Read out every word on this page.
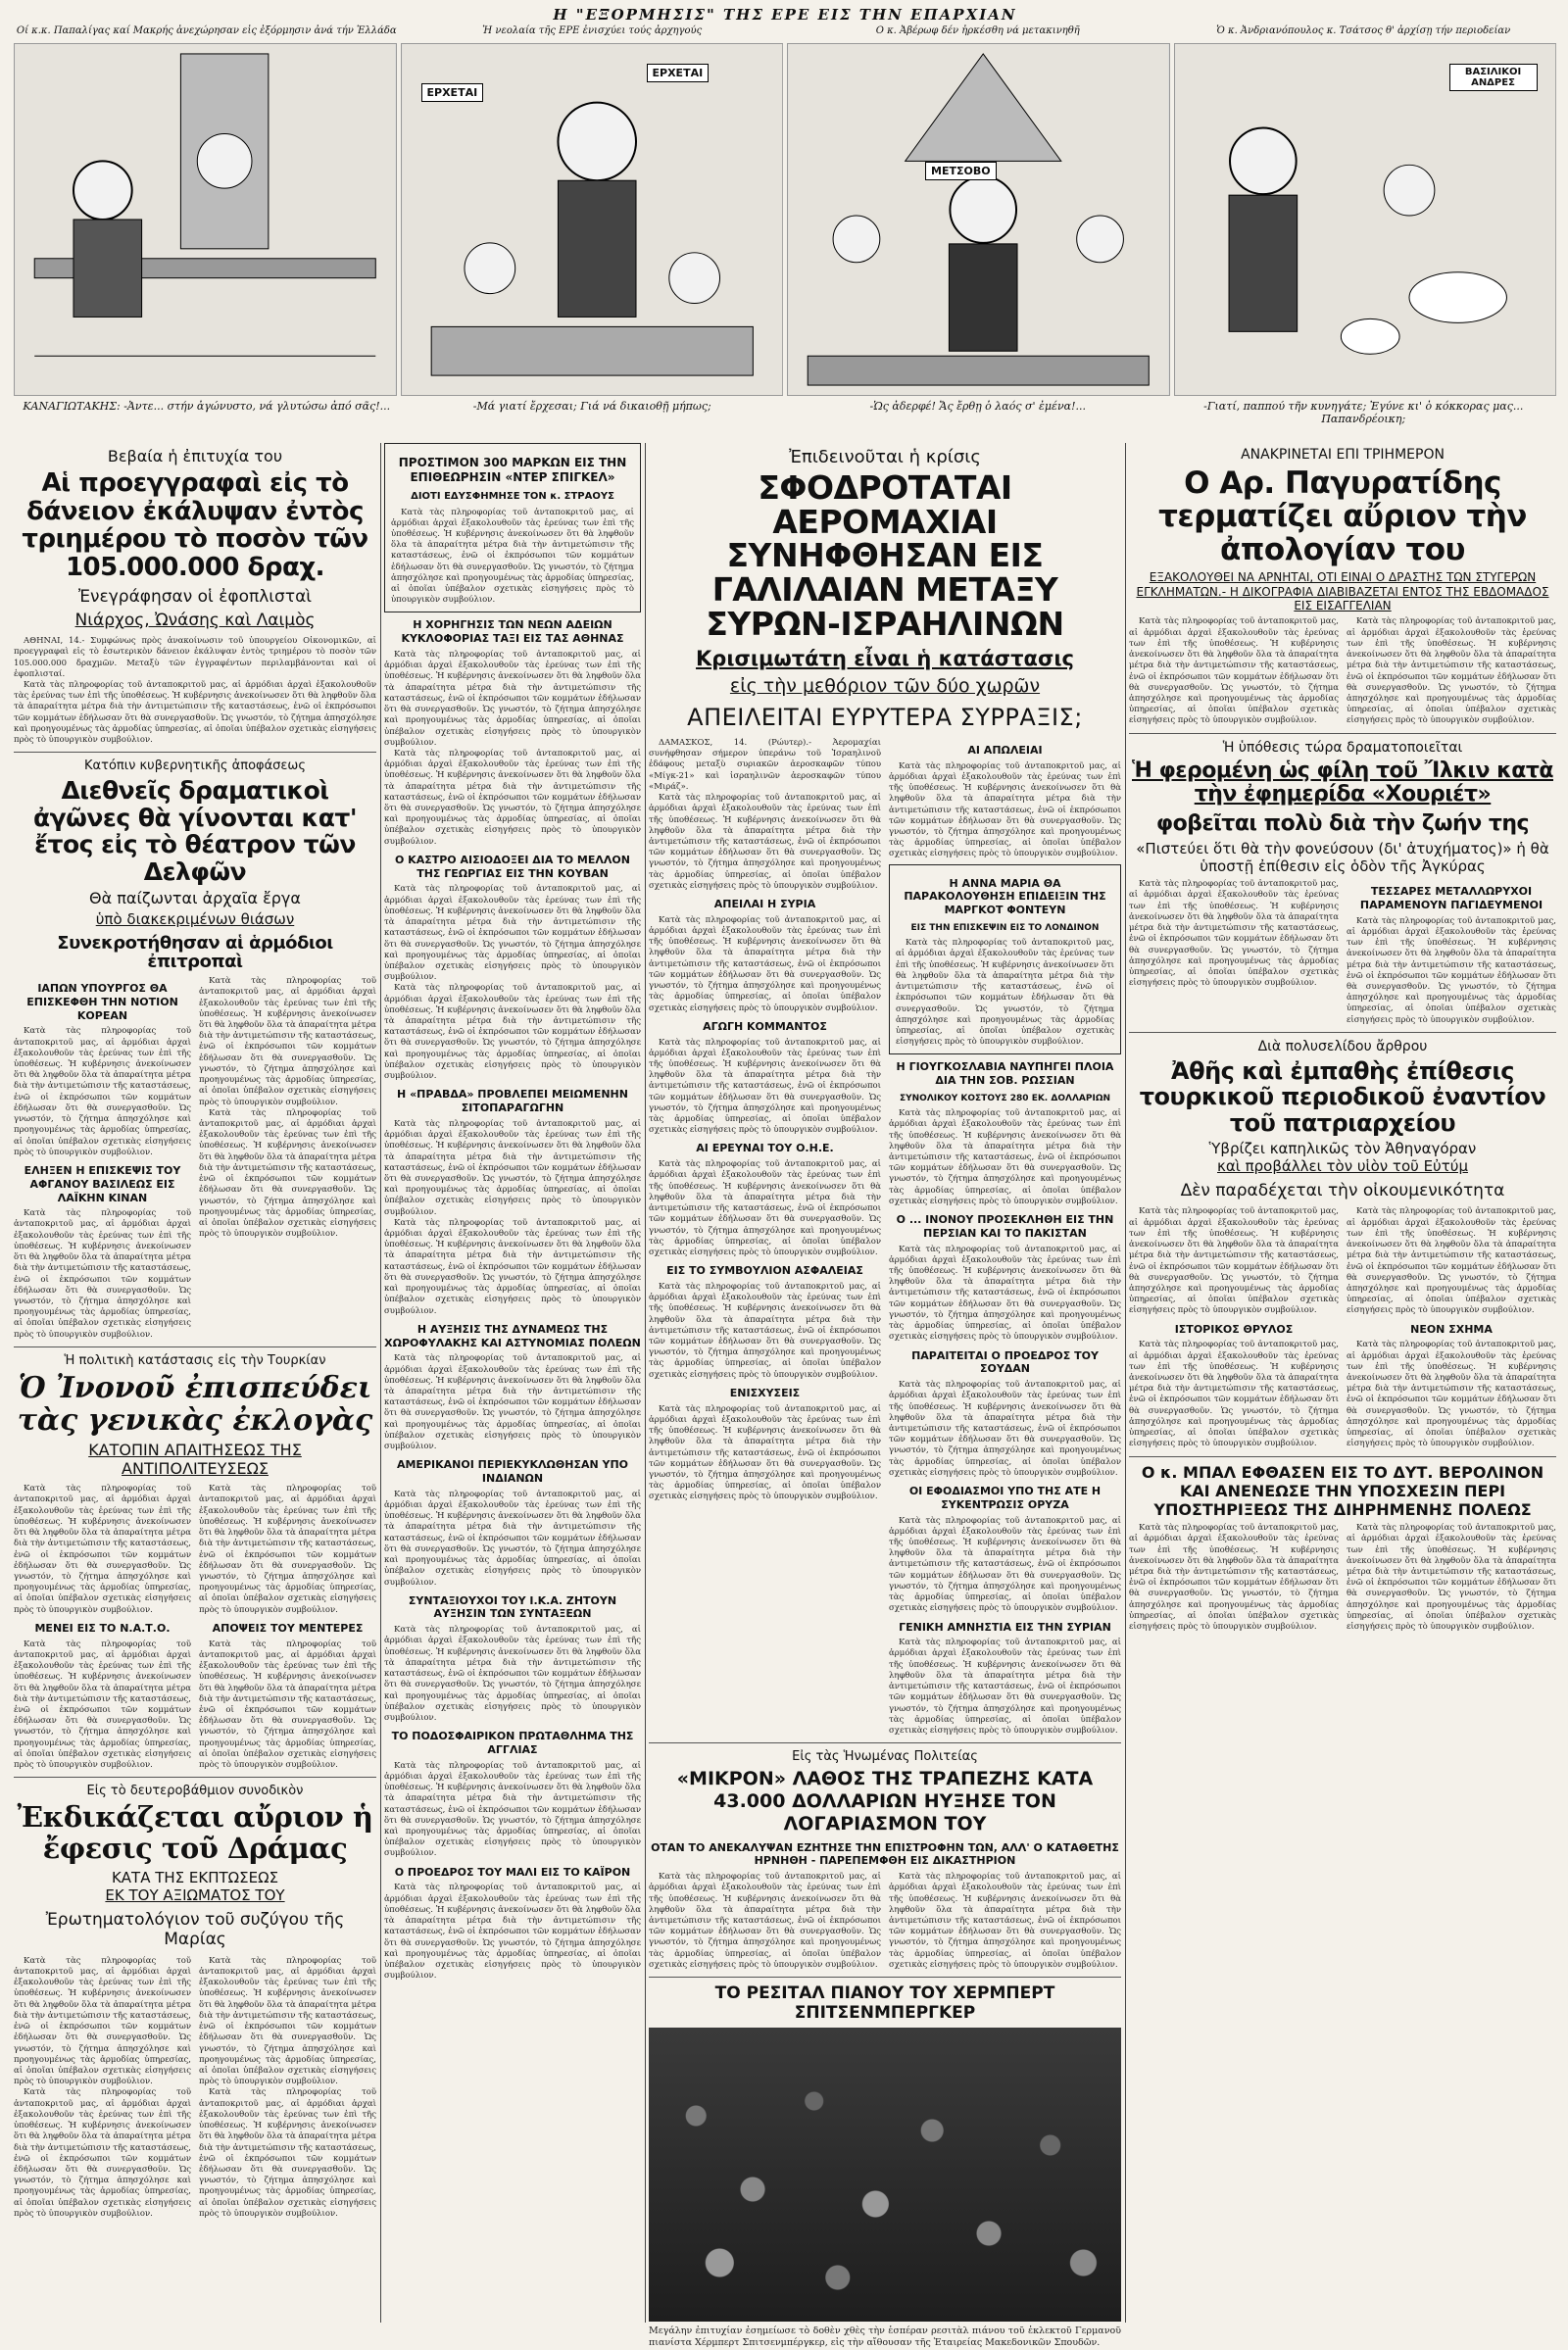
Η "ΕΞΟΡΜΗΣΙΣ" ΤΗΣ ΕΡΕ ΕΙΣ ΤΗΝ ΕΠΑΡΧΙΑΝ
Οί κ.κ. Παπαλίγας καί Μακρής ἀνεχώρησαν εἰς ἐξόρμησιν ἀνά τήν Ἑλλάδα	Ἡ νεολαία τῆς ΕΡΕ ἐνισχύει τούς ἀρχηγούς	Ο κ. Ἀβέρωφ δέν ἠρκέσθη νά μετακινηθῆ	Ὁ κ. Ἀνδριανόπουλος κ. Τσάτσος θ' ἀρχίσῃ τήν περιοδείαν
ΕΡΧΕΤΑΙ
ΕΡΧΕΤΑΙ
ΜΕΤΣΟΒΟ
ΒΑΣΙΛΙΚΟΙ ΑΝΔΡΕΣ
ΚΑΝΑΓΙΩΤΑΚΗΣ: -Ἀντε... στήν ἀγώνυστο, νά γλυτώσω ἀπό σᾶς!...	-Μά γιατί ἔρχεσαι; Γιά νά δικαιοθῇ μήπως;	-Ὡς ἀδερφέ! Ἄς ἔρθῃ ὁ λαός σ' ἐμένα!...	-Γιατί, παππού τῆν κυνηγάτε; Ἐγύνε κι' ὁ κόκκορας μας... Παπανδρέοικη;
Βεβαία ἡ ἐπιτυχία του
Αἱ προεγγραφαὶ εἰς τὸ δάνειον ἐκάλυψαν ἐντὸς τριημέρου τὸ ποσὸν τῶν 105.000.000 δραχ.
Ἐνεγράφησαν οἱ ἐφοπλισταὶ
Νιάρχος, Ὠνάσης καὶ Λαιμὸς

ΑΘΗΝΑΙ, 14.- Συμφώνως πρὸς ἀνακοίνωσιν τοῦ ὑπουργείου Οἰκονομικῶν, αἱ προεγγραφαὶ εἰς τὸ ἐσωτερικὸν δάνειον ἐκάλυψαν ἐντὸς τριημέρου τὸ ποσὸν τῶν 105.000.000 δραχμῶν. Μεταξὺ τῶν ἐγγραφέντων περιλαμβάνονται καὶ οἱ ἐφοπλισταί.

Κατὰ τὰς πληροφορίας τοῦ ἀνταποκριτοῦ μας, αἱ ἁρμόδιαι ἀρχαὶ ἐξακολουθοῦν τὰς ἐρεύνας των ἐπὶ τῆς ὑποθέσεως. Ἡ κυβέρνησις ἀνεκοίνωσεν ὅτι θὰ ληφθοῦν ὅλα τὰ ἀπαραίτητα μέτρα διὰ τὴν ἀντιμετώπισιν τῆς καταστάσεως, ἐνῶ οἱ ἐκπρόσωποι τῶν κομμάτων ἐδήλωσαν ὅτι θὰ συνεργασθοῦν. Ὡς γνωστόν, τὸ ζήτημα ἀπησχόλησε καὶ προηγουμένως τὰς ἀρμοδίας ὑπηρεσίας, αἱ ὁποῖαι ὑπέβαλον σχετικὰς εἰσηγήσεις πρὸς τὸ ὑπουργικὸν συμβούλιον.

Κατόπιν κυβερνητικῆς ἀποφάσεως
Διεθνεῖς δραματικοὶ ἀγῶνες θὰ γίνονται κατ' ἔτος εἰς τὸ θέατρον τῶν Δελφῶν
Θὰ παίζωνται ἀρχαῖα ἔργα
ὑπὸ διακεκριμένων θιάσων
Συνεκροτήθησαν αἱ ἁρμόδιοι ἐπιτροπαὶ
ΙΑΠΩΝ ΥΠΟΥΡΓΟΣ ΘΑ ΕΠΙΣΚΕΦΘΗ ΤΗΝ ΝΟΤΙΟΝ ΚΟΡΕΑΝ

Κατὰ τὰς πληροφορίας τοῦ ἀνταποκριτοῦ μας, αἱ ἁρμόδιαι ἀρχαὶ ἐξακολουθοῦν τὰς ἐρεύνας των ἐπὶ τῆς ὑποθέσεως. Ἡ κυβέρνησις ἀνεκοίνωσεν ὅτι θὰ ληφθοῦν ὅλα τὰ ἀπαραίτητα μέτρα διὰ τὴν ἀντιμετώπισιν τῆς καταστάσεως, ἐνῶ οἱ ἐκπρόσωποι τῶν κομμάτων ἐδήλωσαν ὅτι θὰ συνεργασθοῦν. Ὡς γνωστόν, τὸ ζήτημα ἀπησχόλησε καὶ προηγουμένως τὰς ἀρμοδίας ὑπηρεσίας, αἱ ὁποῖαι ὑπέβαλον σχετικὰς εἰσηγήσεις πρὸς τὸ ὑπουργικὸν συμβούλιον.

ΕΛΗΞΕΝ Η ΕΠΙΣΚΕΨΙΣ ΤΟΥ ΑΦΓΑΝΟΥ ΒΑΣΙΛΕΩΣ ΕΙΣ ΛΑΪΚΗΝ ΚΙΝΑΝ

Κατὰ τὰς πληροφορίας τοῦ ἀνταποκριτοῦ μας, αἱ ἁρμόδιαι ἀρχαὶ ἐξακολουθοῦν τὰς ἐρεύνας των ἐπὶ τῆς ὑποθέσεως. Ἡ κυβέρνησις ἀνεκοίνωσεν ὅτι θὰ ληφθοῦν ὅλα τὰ ἀπαραίτητα μέτρα διὰ τὴν ἀντιμετώπισιν τῆς καταστάσεως, ἐνῶ οἱ ἐκπρόσωποι τῶν κομμάτων ἐδήλωσαν ὅτι θὰ συνεργασθοῦν. Ὡς γνωστόν, τὸ ζήτημα ἀπησχόλησε καὶ προηγουμένως τὰς ἀρμοδίας ὑπηρεσίας, αἱ ὁποῖαι ὑπέβαλον σχετικὰς εἰσηγήσεις πρὸς τὸ ὑπουργικὸν συμβούλιον.

Κατὰ τὰς πληροφορίας τοῦ ἀνταποκριτοῦ μας, αἱ ἁρμόδιαι ἀρχαὶ ἐξακολουθοῦν τὰς ἐρεύνας των ἐπὶ τῆς ὑποθέσεως. Ἡ κυβέρνησις ἀνεκοίνωσεν ὅτι θὰ ληφθοῦν ὅλα τὰ ἀπαραίτητα μέτρα διὰ τὴν ἀντιμετώπισιν τῆς καταστάσεως, ἐνῶ οἱ ἐκπρόσωποι τῶν κομμάτων ἐδήλωσαν ὅτι θὰ συνεργασθοῦν. Ὡς γνωστόν, τὸ ζήτημα ἀπησχόλησε καὶ προηγουμένως τὰς ἀρμοδίας ὑπηρεσίας, αἱ ὁποῖαι ὑπέβαλον σχετικὰς εἰσηγήσεις πρὸς τὸ ὑπουργικὸν συμβούλιον.

Κατὰ τὰς πληροφορίας τοῦ ἀνταποκριτοῦ μας, αἱ ἁρμόδιαι ἀρχαὶ ἐξακολουθοῦν τὰς ἐρεύνας των ἐπὶ τῆς ὑποθέσεως. Ἡ κυβέρνησις ἀνεκοίνωσεν ὅτι θὰ ληφθοῦν ὅλα τὰ ἀπαραίτητα μέτρα διὰ τὴν ἀντιμετώπισιν τῆς καταστάσεως, ἐνῶ οἱ ἐκπρόσωποι τῶν κομμάτων ἐδήλωσαν ὅτι θὰ συνεργασθοῦν. Ὡς γνωστόν, τὸ ζήτημα ἀπησχόλησε καὶ προηγουμένως τὰς ἀρμοδίας ὑπηρεσίας, αἱ ὁποῖαι ὑπέβαλον σχετικὰς εἰσηγήσεις πρὸς τὸ ὑπουργικὸν συμβούλιον.

Ἡ πολιτικὴ κατάστασις εἰς τὴν Τουρκίαν
Ὁ Ἰνονοῦ ἐπισπεύδει τὰς γενικὰς ἐκλογὰς
ΚΑΤΟΠΙΝ ΑΠΑΙΤΗΣΕΩΣ ΤΗΣ ΑΝΤΙΠΟΛΙΤΕΥΣΕΩΣ

Κατὰ τὰς πληροφορίας τοῦ ἀνταποκριτοῦ μας, αἱ ἁρμόδιαι ἀρχαὶ ἐξακολουθοῦν τὰς ἐρεύνας των ἐπὶ τῆς ὑποθέσεως. Ἡ κυβέρνησις ἀνεκοίνωσεν ὅτι θὰ ληφθοῦν ὅλα τὰ ἀπαραίτητα μέτρα διὰ τὴν ἀντιμετώπισιν τῆς καταστάσεως, ἐνῶ οἱ ἐκπρόσωποι τῶν κομμάτων ἐδήλωσαν ὅτι θὰ συνεργασθοῦν. Ὡς γνωστόν, τὸ ζήτημα ἀπησχόλησε καὶ προηγουμένως τὰς ἀρμοδίας ὑπηρεσίας, αἱ ὁποῖαι ὑπέβαλον σχετικὰς εἰσηγήσεις πρὸς τὸ ὑπουργικὸν συμβούλιον.

ΜΕΝΕΙ ΕΙΣ ΤΟ Ν.Α.Τ.Ο.

Κατὰ τὰς πληροφορίας τοῦ ἀνταποκριτοῦ μας, αἱ ἁρμόδιαι ἀρχαὶ ἐξακολουθοῦν τὰς ἐρεύνας των ἐπὶ τῆς ὑποθέσεως. Ἡ κυβέρνησις ἀνεκοίνωσεν ὅτι θὰ ληφθοῦν ὅλα τὰ ἀπαραίτητα μέτρα διὰ τὴν ἀντιμετώπισιν τῆς καταστάσεως, ἐνῶ οἱ ἐκπρόσωποι τῶν κομμάτων ἐδήλωσαν ὅτι θὰ συνεργασθοῦν. Ὡς γνωστόν, τὸ ζήτημα ἀπησχόλησε καὶ προηγουμένως τὰς ἀρμοδίας ὑπηρεσίας, αἱ ὁποῖαι ὑπέβαλον σχετικὰς εἰσηγήσεις πρὸς τὸ ὑπουργικὸν συμβούλιον.

Κατὰ τὰς πληροφορίας τοῦ ἀνταποκριτοῦ μας, αἱ ἁρμόδιαι ἀρχαὶ ἐξακολουθοῦν τὰς ἐρεύνας των ἐπὶ τῆς ὑποθέσεως. Ἡ κυβέρνησις ἀνεκοίνωσεν ὅτι θὰ ληφθοῦν ὅλα τὰ ἀπαραίτητα μέτρα διὰ τὴν ἀντιμετώπισιν τῆς καταστάσεως, ἐνῶ οἱ ἐκπρόσωποι τῶν κομμάτων ἐδήλωσαν ὅτι θὰ συνεργασθοῦν. Ὡς γνωστόν, τὸ ζήτημα ἀπησχόλησε καὶ προηγουμένως τὰς ἀρμοδίας ὑπηρεσίας, αἱ ὁποῖαι ὑπέβαλον σχετικὰς εἰσηγήσεις πρὸς τὸ ὑπουργικὸν συμβούλιον.

ΑΠΟΨΕΙΣ ΤΟΥ ΜΕΝΤΕΡΕΣ

Κατὰ τὰς πληροφορίας τοῦ ἀνταποκριτοῦ μας, αἱ ἁρμόδιαι ἀρχαὶ ἐξακολουθοῦν τὰς ἐρεύνας των ἐπὶ τῆς ὑποθέσεως. Ἡ κυβέρνησις ἀνεκοίνωσεν ὅτι θὰ ληφθοῦν ὅλα τὰ ἀπαραίτητα μέτρα διὰ τὴν ἀντιμετώπισιν τῆς καταστάσεως, ἐνῶ οἱ ἐκπρόσωποι τῶν κομμάτων ἐδήλωσαν ὅτι θὰ συνεργασθοῦν. Ὡς γνωστόν, τὸ ζήτημα ἀπησχόλησε καὶ προηγουμένως τὰς ἀρμοδίας ὑπηρεσίας, αἱ ὁποῖαι ὑπέβαλον σχετικὰς εἰσηγήσεις πρὸς τὸ ὑπουργικὸν συμβούλιον.

Εἰς τὸ δευτεροβάθμιον συνοδικὸν
Ἐκδικάζεται αὔριον ἡ ἔφεσις τοῦ Δράμας
ΚΑΤΑ ΤΗΣ ΕΚΠΤΩΣΕΩΣ
ΕΚ ΤΟΥ ΑΞΙΩΜΑΤΟΣ ΤΟΥ
Ἐρωτηματολόγιον τοῦ συζύγου τῆς Μαρίας

Κατὰ τὰς πληροφορίας τοῦ ἀνταποκριτοῦ μας, αἱ ἁρμόδιαι ἀρχαὶ ἐξακολουθοῦν τὰς ἐρεύνας των ἐπὶ τῆς ὑποθέσεως. Ἡ κυβέρνησις ἀνεκοίνωσεν ὅτι θὰ ληφθοῦν ὅλα τὰ ἀπαραίτητα μέτρα διὰ τὴν ἀντιμετώπισιν τῆς καταστάσεως, ἐνῶ οἱ ἐκπρόσωποι τῶν κομμάτων ἐδήλωσαν ὅτι θὰ συνεργασθοῦν. Ὡς γνωστόν, τὸ ζήτημα ἀπησχόλησε καὶ προηγουμένως τὰς ἀρμοδίας ὑπηρεσίας, αἱ ὁποῖαι ὑπέβαλον σχετικὰς εἰσηγήσεις πρὸς τὸ ὑπουργικὸν συμβούλιον.

Κατὰ τὰς πληροφορίας τοῦ ἀνταποκριτοῦ μας, αἱ ἁρμόδιαι ἀρχαὶ ἐξακολουθοῦν τὰς ἐρεύνας των ἐπὶ τῆς ὑποθέσεως. Ἡ κυβέρνησις ἀνεκοίνωσεν ὅτι θὰ ληφθοῦν ὅλα τὰ ἀπαραίτητα μέτρα διὰ τὴν ἀντιμετώπισιν τῆς καταστάσεως, ἐνῶ οἱ ἐκπρόσωποι τῶν κομμάτων ἐδήλωσαν ὅτι θὰ συνεργασθοῦν. Ὡς γνωστόν, τὸ ζήτημα ἀπησχόλησε καὶ προηγουμένως τὰς ἀρμοδίας ὑπηρεσίας, αἱ ὁποῖαι ὑπέβαλον σχετικὰς εἰσηγήσεις πρὸς τὸ ὑπουργικὸν συμβούλιον.

Κατὰ τὰς πληροφορίας τοῦ ἀνταποκριτοῦ μας, αἱ ἁρμόδιαι ἀρχαὶ ἐξακολουθοῦν τὰς ἐρεύνας των ἐπὶ τῆς ὑποθέσεως. Ἡ κυβέρνησις ἀνεκοίνωσεν ὅτι θὰ ληφθοῦν ὅλα τὰ ἀπαραίτητα μέτρα διὰ τὴν ἀντιμετώπισιν τῆς καταστάσεως, ἐνῶ οἱ ἐκπρόσωποι τῶν κομμάτων ἐδήλωσαν ὅτι θὰ συνεργασθοῦν. Ὡς γνωστόν, τὸ ζήτημα ἀπησχόλησε καὶ προηγουμένως τὰς ἀρμοδίας ὑπηρεσίας, αἱ ὁποῖαι ὑπέβαλον σχετικὰς εἰσηγήσεις πρὸς τὸ ὑπουργικὸν συμβούλιον.

Κατὰ τὰς πληροφορίας τοῦ ἀνταποκριτοῦ μας, αἱ ἁρμόδιαι ἀρχαὶ ἐξακολουθοῦν τὰς ἐρεύνας των ἐπὶ τῆς ὑποθέσεως. Ἡ κυβέρνησις ἀνεκοίνωσεν ὅτι θὰ ληφθοῦν ὅλα τὰ ἀπαραίτητα μέτρα διὰ τὴν ἀντιμετώπισιν τῆς καταστάσεως, ἐνῶ οἱ ἐκπρόσωποι τῶν κομμάτων ἐδήλωσαν ὅτι θὰ συνεργασθοῦν. Ὡς γνωστόν, τὸ ζήτημα ἀπησχόλησε καὶ προηγουμένως τὰς ἀρμοδίας ὑπηρεσίας, αἱ ὁποῖαι ὑπέβαλον σχετικὰς εἰσηγήσεις πρὸς τὸ ὑπουργικὸν συμβούλιον.

ΠΡΟΣΤΙΜΟΝ 300 ΜΑΡΚΩΝ ΕΙΣ ΤΗΝ ΕΠΙΘΕΩΡΗΣΙΝ «ΝΤΕΡ ΣΠΙΓΚΕΛ»
ΔΙΟΤΙ ΕΔΥΣΦΗΜΗΣΕ ΤΟΝ κ. ΣΤΡΑΟΥΣ

Κατὰ τὰς πληροφορίας τοῦ ἀνταποκριτοῦ μας, αἱ ἁρμόδιαι ἀρχαὶ ἐξακολουθοῦν τὰς ἐρεύνας των ἐπὶ τῆς ὑποθέσεως. Ἡ κυβέρνησις ἀνεκοίνωσεν ὅτι θὰ ληφθοῦν ὅλα τὰ ἀπαραίτητα μέτρα διὰ τὴν ἀντιμετώπισιν τῆς καταστάσεως, ἐνῶ οἱ ἐκπρόσωποι τῶν κομμάτων ἐδήλωσαν ὅτι θὰ συνεργασθοῦν. Ὡς γνωστόν, τὸ ζήτημα ἀπησχόλησε καὶ προηγουμένως τὰς ἀρμοδίας ὑπηρεσίας, αἱ ὁποῖαι ὑπέβαλον σχετικὰς εἰσηγήσεις πρὸς τὸ ὑπουργικὸν συμβούλιον.

Η ΧΟΡΗΓΗΣΙΣ ΤΩΝ ΝΕΩΝ ΑΔΕΙΩΝ ΚΥΚΛΟΦΟΡΙΑΣ ΤΑΞΙ ΕΙΣ ΤΑΣ ΑΘΗΝΑΣ

Κατὰ τὰς πληροφορίας τοῦ ἀνταποκριτοῦ μας, αἱ ἁρμόδιαι ἀρχαὶ ἐξακολουθοῦν τὰς ἐρεύνας των ἐπὶ τῆς ὑποθέσεως. Ἡ κυβέρνησις ἀνεκοίνωσεν ὅτι θὰ ληφθοῦν ὅλα τὰ ἀπαραίτητα μέτρα διὰ τὴν ἀντιμετώπισιν τῆς καταστάσεως, ἐνῶ οἱ ἐκπρόσωποι τῶν κομμάτων ἐδήλωσαν ὅτι θὰ συνεργασθοῦν. Ὡς γνωστόν, τὸ ζήτημα ἀπησχόλησε καὶ προηγουμένως τὰς ἀρμοδίας ὑπηρεσίας, αἱ ὁποῖαι ὑπέβαλον σχετικὰς εἰσηγήσεις πρὸς τὸ ὑπουργικὸν συμβούλιον.

Κατὰ τὰς πληροφορίας τοῦ ἀνταποκριτοῦ μας, αἱ ἁρμόδιαι ἀρχαὶ ἐξακολουθοῦν τὰς ἐρεύνας των ἐπὶ τῆς ὑποθέσεως. Ἡ κυβέρνησις ἀνεκοίνωσεν ὅτι θὰ ληφθοῦν ὅλα τὰ ἀπαραίτητα μέτρα διὰ τὴν ἀντιμετώπισιν τῆς καταστάσεως, ἐνῶ οἱ ἐκπρόσωποι τῶν κομμάτων ἐδήλωσαν ὅτι θὰ συνεργασθοῦν. Ὡς γνωστόν, τὸ ζήτημα ἀπησχόλησε καὶ προηγουμένως τὰς ἀρμοδίας ὑπηρεσίας, αἱ ὁποῖαι ὑπέβαλον σχετικὰς εἰσηγήσεις πρὸς τὸ ὑπουργικὸν συμβούλιον.

Ο ΚΑΣΤΡΟ ΑΙΣΙΟΔΟΞΕΙ ΔΙΑ ΤΟ ΜΕΛΛΟΝ ΤΗΣ ΓΕΩΡΓΙΑΣ ΕΙΣ ΤΗΝ ΚΟΥΒΑΝ

Κατὰ τὰς πληροφορίας τοῦ ἀνταποκριτοῦ μας, αἱ ἁρμόδιαι ἀρχαὶ ἐξακολουθοῦν τὰς ἐρεύνας των ἐπὶ τῆς ὑποθέσεως. Ἡ κυβέρνησις ἀνεκοίνωσεν ὅτι θὰ ληφθοῦν ὅλα τὰ ἀπαραίτητα μέτρα διὰ τὴν ἀντιμετώπισιν τῆς καταστάσεως, ἐνῶ οἱ ἐκπρόσωποι τῶν κομμάτων ἐδήλωσαν ὅτι θὰ συνεργασθοῦν. Ὡς γνωστόν, τὸ ζήτημα ἀπησχόλησε καὶ προηγουμένως τὰς ἀρμοδίας ὑπηρεσίας, αἱ ὁποῖαι ὑπέβαλον σχετικὰς εἰσηγήσεις πρὸς τὸ ὑπουργικὸν συμβούλιον.

Κατὰ τὰς πληροφορίας τοῦ ἀνταποκριτοῦ μας, αἱ ἁρμόδιαι ἀρχαὶ ἐξακολουθοῦν τὰς ἐρεύνας των ἐπὶ τῆς ὑποθέσεως. Ἡ κυβέρνησις ἀνεκοίνωσεν ὅτι θὰ ληφθοῦν ὅλα τὰ ἀπαραίτητα μέτρα διὰ τὴν ἀντιμετώπισιν τῆς καταστάσεως, ἐνῶ οἱ ἐκπρόσωποι τῶν κομμάτων ἐδήλωσαν ὅτι θὰ συνεργασθοῦν. Ὡς γνωστόν, τὸ ζήτημα ἀπησχόλησε καὶ προηγουμένως τὰς ἀρμοδίας ὑπηρεσίας, αἱ ὁποῖαι ὑπέβαλον σχετικὰς εἰσηγήσεις πρὸς τὸ ὑπουργικὸν συμβούλιον.

Η «ΠΡΑΒΔΑ» ΠΡΟΒΛΕΠΕΙ ΜΕΙΩΜΕΝΗΝ ΣΙΤΟΠΑΡΑΓΩΓΗΝ

Κατὰ τὰς πληροφορίας τοῦ ἀνταποκριτοῦ μας, αἱ ἁρμόδιαι ἀρχαὶ ἐξακολουθοῦν τὰς ἐρεύνας των ἐπὶ τῆς ὑποθέσεως. Ἡ κυβέρνησις ἀνεκοίνωσεν ὅτι θὰ ληφθοῦν ὅλα τὰ ἀπαραίτητα μέτρα διὰ τὴν ἀντιμετώπισιν τῆς καταστάσεως, ἐνῶ οἱ ἐκπρόσωποι τῶν κομμάτων ἐδήλωσαν ὅτι θὰ συνεργασθοῦν. Ὡς γνωστόν, τὸ ζήτημα ἀπησχόλησε καὶ προηγουμένως τὰς ἀρμοδίας ὑπηρεσίας, αἱ ὁποῖαι ὑπέβαλον σχετικὰς εἰσηγήσεις πρὸς τὸ ὑπουργικὸν συμβούλιον.

Κατὰ τὰς πληροφορίας τοῦ ἀνταποκριτοῦ μας, αἱ ἁρμόδιαι ἀρχαὶ ἐξακολουθοῦν τὰς ἐρεύνας των ἐπὶ τῆς ὑποθέσεως. Ἡ κυβέρνησις ἀνεκοίνωσεν ὅτι θὰ ληφθοῦν ὅλα τὰ ἀπαραίτητα μέτρα διὰ τὴν ἀντιμετώπισιν τῆς καταστάσεως, ἐνῶ οἱ ἐκπρόσωποι τῶν κομμάτων ἐδήλωσαν ὅτι θὰ συνεργασθοῦν. Ὡς γνωστόν, τὸ ζήτημα ἀπησχόλησε καὶ προηγουμένως τὰς ἀρμοδίας ὑπηρεσίας, αἱ ὁποῖαι ὑπέβαλον σχετικὰς εἰσηγήσεις πρὸς τὸ ὑπουργικὸν συμβούλιον.

Η ΑΥΞΗΣΙΣ ΤΗΣ ΔΥΝΑΜΕΩΣ ΤΗΣ ΧΩΡΟΦΥΛΑΚΗΣ ΚΑΙ ΑΣΤΥΝΟΜΙΑΣ ΠΟΛΕΩΝ

Κατὰ τὰς πληροφορίας τοῦ ἀνταποκριτοῦ μας, αἱ ἁρμόδιαι ἀρχαὶ ἐξακολουθοῦν τὰς ἐρεύνας των ἐπὶ τῆς ὑποθέσεως. Ἡ κυβέρνησις ἀνεκοίνωσεν ὅτι θὰ ληφθοῦν ὅλα τὰ ἀπαραίτητα μέτρα διὰ τὴν ἀντιμετώπισιν τῆς καταστάσεως, ἐνῶ οἱ ἐκπρόσωποι τῶν κομμάτων ἐδήλωσαν ὅτι θὰ συνεργασθοῦν. Ὡς γνωστόν, τὸ ζήτημα ἀπησχόλησε καὶ προηγουμένως τὰς ἀρμοδίας ὑπηρεσίας, αἱ ὁποῖαι ὑπέβαλον σχετικὰς εἰσηγήσεις πρὸς τὸ ὑπουργικὸν συμβούλιον.

ΑΜΕΡΙΚΑΝΟΙ ΠΕΡΙΕΚΥΚΛΩΘΗΣΑΝ ΥΠΟ ΙΝΔΙΑΝΩΝ

Κατὰ τὰς πληροφορίας τοῦ ἀνταποκριτοῦ μας, αἱ ἁρμόδιαι ἀρχαὶ ἐξακολουθοῦν τὰς ἐρεύνας των ἐπὶ τῆς ὑποθέσεως. Ἡ κυβέρνησις ἀνεκοίνωσεν ὅτι θὰ ληφθοῦν ὅλα τὰ ἀπαραίτητα μέτρα διὰ τὴν ἀντιμετώπισιν τῆς καταστάσεως, ἐνῶ οἱ ἐκπρόσωποι τῶν κομμάτων ἐδήλωσαν ὅτι θὰ συνεργασθοῦν. Ὡς γνωστόν, τὸ ζήτημα ἀπησχόλησε καὶ προηγουμένως τὰς ἀρμοδίας ὑπηρεσίας, αἱ ὁποῖαι ὑπέβαλον σχετικὰς εἰσηγήσεις πρὸς τὸ ὑπουργικὸν συμβούλιον.

ΣΥΝΤΑΞΙΟΥΧΟΙ ΤΟΥ Ι.Κ.Α. ΖΗΤΟΥΝ ΑΥΞΗΣΙΝ ΤΩΝ ΣΥΝΤΑΞΕΩΝ

Κατὰ τὰς πληροφορίας τοῦ ἀνταποκριτοῦ μας, αἱ ἁρμόδιαι ἀρχαὶ ἐξακολουθοῦν τὰς ἐρεύνας των ἐπὶ τῆς ὑποθέσεως. Ἡ κυβέρνησις ἀνεκοίνωσεν ὅτι θὰ ληφθοῦν ὅλα τὰ ἀπαραίτητα μέτρα διὰ τὴν ἀντιμετώπισιν τῆς καταστάσεως, ἐνῶ οἱ ἐκπρόσωποι τῶν κομμάτων ἐδήλωσαν ὅτι θὰ συνεργασθοῦν. Ὡς γνωστόν, τὸ ζήτημα ἀπησχόλησε καὶ προηγουμένως τὰς ἀρμοδίας ὑπηρεσίας, αἱ ὁποῖαι ὑπέβαλον σχετικὰς εἰσηγήσεις πρὸς τὸ ὑπουργικὸν συμβούλιον.

ΤΟ ΠΟΔΟΣΦΑΙΡΙΚΟΝ ΠΡΩΤΑΘΛΗΜΑ ΤΗΣ ΑΓΓΛΙΑΣ

Κατὰ τὰς πληροφορίας τοῦ ἀνταποκριτοῦ μας, αἱ ἁρμόδιαι ἀρχαὶ ἐξακολουθοῦν τὰς ἐρεύνας των ἐπὶ τῆς ὑποθέσεως. Ἡ κυβέρνησις ἀνεκοίνωσεν ὅτι θὰ ληφθοῦν ὅλα τὰ ἀπαραίτητα μέτρα διὰ τὴν ἀντιμετώπισιν τῆς καταστάσεως, ἐνῶ οἱ ἐκπρόσωποι τῶν κομμάτων ἐδήλωσαν ὅτι θὰ συνεργασθοῦν. Ὡς γνωστόν, τὸ ζήτημα ἀπησχόλησε καὶ προηγουμένως τὰς ἀρμοδίας ὑπηρεσίας, αἱ ὁποῖαι ὑπέβαλον σχετικὰς εἰσηγήσεις πρὸς τὸ ὑπουργικὸν συμβούλιον.

Ο ΠΡΟΕΔΡΟΣ ΤΟΥ ΜΑΛΙ ΕΙΣ ΤΟ ΚΑΪΡΟΝ

Κατὰ τὰς πληροφορίας τοῦ ἀνταποκριτοῦ μας, αἱ ἁρμόδιαι ἀρχαὶ ἐξακολουθοῦν τὰς ἐρεύνας των ἐπὶ τῆς ὑποθέσεως. Ἡ κυβέρνησις ἀνεκοίνωσεν ὅτι θὰ ληφθοῦν ὅλα τὰ ἀπαραίτητα μέτρα διὰ τὴν ἀντιμετώπισιν τῆς καταστάσεως, ἐνῶ οἱ ἐκπρόσωποι τῶν κομμάτων ἐδήλωσαν ὅτι θὰ συνεργασθοῦν. Ὡς γνωστόν, τὸ ζήτημα ἀπησχόλησε καὶ προηγουμένως τὰς ἀρμοδίας ὑπηρεσίας, αἱ ὁποῖαι ὑπέβαλον σχετικὰς εἰσηγήσεις πρὸς τὸ ὑπουργικὸν συμβούλιον.

Ἐπιδεινοῦται ἡ κρίσις
ΣΦΟΔΡΟΤΑΤΑΙ ΑΕΡΟΜΑΧΙΑΙ ΣΥΝΗΦΘΗΣΑΝ ΕΙΣ ΓΑΛΙΛΑΙΑΝ ΜΕΤΑΞΥ ΣΥΡΩΝ-ΙΣΡΑΗΛΙΝΩΝ
Κρισιμωτάτη εἶναι ἡ κατάστασις
εἰς τὴν μεθόριον τῶν δύο χωρῶν
ΑΠΕΙΛΕΙΤΑΙ ΕΥΡΥΤΕΡΑ ΣΥΡΡΑΞΙΣ;

ΔΑΜΑΣΚΟΣ, 14. (Ρώυτερ).- Ἀερομαχίαι συνήφθησαν σήμερον ὑπεράνω τοῦ Ἰσραηλινοῦ ἐδάφους μεταξὺ συριακῶν ἀεροσκαφῶν τύπου «Μίγκ-21» καὶ ἰσραηλινῶν ἀεροσκαφῶν τύπου «Μιράζ».

Κατὰ τὰς πληροφορίας τοῦ ἀνταποκριτοῦ μας, αἱ ἁρμόδιαι ἀρχαὶ ἐξακολουθοῦν τὰς ἐρεύνας των ἐπὶ τῆς ὑποθέσεως. Ἡ κυβέρνησις ἀνεκοίνωσεν ὅτι θὰ ληφθοῦν ὅλα τὰ ἀπαραίτητα μέτρα διὰ τὴν ἀντιμετώπισιν τῆς καταστάσεως, ἐνῶ οἱ ἐκπρόσωποι τῶν κομμάτων ἐδήλωσαν ὅτι θὰ συνεργασθοῦν. Ὡς γνωστόν, τὸ ζήτημα ἀπησχόλησε καὶ προηγουμένως τὰς ἀρμοδίας ὑπηρεσίας, αἱ ὁποῖαι ὑπέβαλον σχετικὰς εἰσηγήσεις πρὸς τὸ ὑπουργικὸν συμβούλιον.

ΑΠΕΙΛΑΙ Η ΣΥΡΙΑ

Κατὰ τὰς πληροφορίας τοῦ ἀνταποκριτοῦ μας, αἱ ἁρμόδιαι ἀρχαὶ ἐξακολουθοῦν τὰς ἐρεύνας των ἐπὶ τῆς ὑποθέσεως. Ἡ κυβέρνησις ἀνεκοίνωσεν ὅτι θὰ ληφθοῦν ὅλα τὰ ἀπαραίτητα μέτρα διὰ τὴν ἀντιμετώπισιν τῆς καταστάσεως, ἐνῶ οἱ ἐκπρόσωποι τῶν κομμάτων ἐδήλωσαν ὅτι θὰ συνεργασθοῦν. Ὡς γνωστόν, τὸ ζήτημα ἀπησχόλησε καὶ προηγουμένως τὰς ἀρμοδίας ὑπηρεσίας, αἱ ὁποῖαι ὑπέβαλον σχετικὰς εἰσηγήσεις πρὸς τὸ ὑπουργικὸν συμβούλιον.

ΑΓΩΓΗ ΚΟΜΜΑΝΤΟΣ

Κατὰ τὰς πληροφορίας τοῦ ἀνταποκριτοῦ μας, αἱ ἁρμόδιαι ἀρχαὶ ἐξακολουθοῦν τὰς ἐρεύνας των ἐπὶ τῆς ὑποθέσεως. Ἡ κυβέρνησις ἀνεκοίνωσεν ὅτι θὰ ληφθοῦν ὅλα τὰ ἀπαραίτητα μέτρα διὰ τὴν ἀντιμετώπισιν τῆς καταστάσεως, ἐνῶ οἱ ἐκπρόσωποι τῶν κομμάτων ἐδήλωσαν ὅτι θὰ συνεργασθοῦν. Ὡς γνωστόν, τὸ ζήτημα ἀπησχόλησε καὶ προηγουμένως τὰς ἀρμοδίας ὑπηρεσίας, αἱ ὁποῖαι ὑπέβαλον σχετικὰς εἰσηγήσεις πρὸς τὸ ὑπουργικὸν συμβούλιον.

ΑΙ ΕΡΕΥΝΑΙ ΤΟΥ Ο.Η.Ε.

Κατὰ τὰς πληροφορίας τοῦ ἀνταποκριτοῦ μας, αἱ ἁρμόδιαι ἀρχαὶ ἐξακολουθοῦν τὰς ἐρεύνας των ἐπὶ τῆς ὑποθέσεως. Ἡ κυβέρνησις ἀνεκοίνωσεν ὅτι θὰ ληφθοῦν ὅλα τὰ ἀπαραίτητα μέτρα διὰ τὴν ἀντιμετώπισιν τῆς καταστάσεως, ἐνῶ οἱ ἐκπρόσωποι τῶν κομμάτων ἐδήλωσαν ὅτι θὰ συνεργασθοῦν. Ὡς γνωστόν, τὸ ζήτημα ἀπησχόλησε καὶ προηγουμένως τὰς ἀρμοδίας ὑπηρεσίας, αἱ ὁποῖαι ὑπέβαλον σχετικὰς εἰσηγήσεις πρὸς τὸ ὑπουργικὸν συμβούλιον.

ΕΙΣ ΤΟ ΣΥΜΒΟΥΛΙΟΝ ΑΣΦΑΛΕΙΑΣ

Κατὰ τὰς πληροφορίας τοῦ ἀνταποκριτοῦ μας, αἱ ἁρμόδιαι ἀρχαὶ ἐξακολουθοῦν τὰς ἐρεύνας των ἐπὶ τῆς ὑποθέσεως. Ἡ κυβέρνησις ἀνεκοίνωσεν ὅτι θὰ ληφθοῦν ὅλα τὰ ἀπαραίτητα μέτρα διὰ τὴν ἀντιμετώπισιν τῆς καταστάσεως, ἐνῶ οἱ ἐκπρόσωποι τῶν κομμάτων ἐδήλωσαν ὅτι θὰ συνεργασθοῦν. Ὡς γνωστόν, τὸ ζήτημα ἀπησχόλησε καὶ προηγουμένως τὰς ἀρμοδίας ὑπηρεσίας, αἱ ὁποῖαι ὑπέβαλον σχετικὰς εἰσηγήσεις πρὸς τὸ ὑπουργικὸν συμβούλιον.

ΕΝΙΣΧΥΣΕΙΣ

Κατὰ τὰς πληροφορίας τοῦ ἀνταποκριτοῦ μας, αἱ ἁρμόδιαι ἀρχαὶ ἐξακολουθοῦν τὰς ἐρεύνας των ἐπὶ τῆς ὑποθέσεως. Ἡ κυβέρνησις ἀνεκοίνωσεν ὅτι θὰ ληφθοῦν ὅλα τὰ ἀπαραίτητα μέτρα διὰ τὴν ἀντιμετώπισιν τῆς καταστάσεως, ἐνῶ οἱ ἐκπρόσωποι τῶν κομμάτων ἐδήλωσαν ὅτι θὰ συνεργασθοῦν. Ὡς γνωστόν, τὸ ζήτημα ἀπησχόλησε καὶ προηγουμένως τὰς ἀρμοδίας ὑπηρεσίας, αἱ ὁποῖαι ὑπέβαλον σχετικὰς εἰσηγήσεις πρὸς τὸ ὑπουργικὸν συμβούλιον.

ΑΙ ΑΠΩΛΕΙΑΙ

Κατὰ τὰς πληροφορίας τοῦ ἀνταποκριτοῦ μας, αἱ ἁρμόδιαι ἀρχαὶ ἐξακολουθοῦν τὰς ἐρεύνας των ἐπὶ τῆς ὑποθέσεως. Ἡ κυβέρνησις ἀνεκοίνωσεν ὅτι θὰ ληφθοῦν ὅλα τὰ ἀπαραίτητα μέτρα διὰ τὴν ἀντιμετώπισιν τῆς καταστάσεως, ἐνῶ οἱ ἐκπρόσωποι τῶν κομμάτων ἐδήλωσαν ὅτι θὰ συνεργασθοῦν. Ὡς γνωστόν, τὸ ζήτημα ἀπησχόλησε καὶ προηγουμένως τὰς ἀρμοδίας ὑπηρεσίας, αἱ ὁποῖαι ὑπέβαλον σχετικὰς εἰσηγήσεις πρὸς τὸ ὑπουργικὸν συμβούλιον.

Η ΑΝΝΑ ΜΑΡΙΑ ΘΑ ΠΑΡΑΚΟΛΟΥΘΗΣΗ ΕΠΙΔΕΙΞΙΝ ΤΗΣ ΜΑΡΓΚΟΤ ΦΟΝΤΕΥΝ
ΕΙΣ ΤΗΝ ΕΠΙΣΚΕΨΙΝ ΕΙΣ ΤΟ ΛΟΝΔΙΝΟΝ

Κατὰ τὰς πληροφορίας τοῦ ἀνταποκριτοῦ μας, αἱ ἁρμόδιαι ἀρχαὶ ἐξακολουθοῦν τὰς ἐρεύνας των ἐπὶ τῆς ὑποθέσεως. Ἡ κυβέρνησις ἀνεκοίνωσεν ὅτι θὰ ληφθοῦν ὅλα τὰ ἀπαραίτητα μέτρα διὰ τὴν ἀντιμετώπισιν τῆς καταστάσεως, ἐνῶ οἱ ἐκπρόσωποι τῶν κομμάτων ἐδήλωσαν ὅτι θὰ συνεργασθοῦν. Ὡς γνωστόν, τὸ ζήτημα ἀπησχόλησε καὶ προηγουμένως τὰς ἀρμοδίας ὑπηρεσίας, αἱ ὁποῖαι ὑπέβαλον σχετικὰς εἰσηγήσεις πρὸς τὸ ὑπουργικὸν συμβούλιον.

Η ΓΙΟΥΓΚΟΣΛΑΒΙΑ ΝΑΥΠΗΓΕΙ ΠΛΟΙΑ ΔΙΑ ΤΗΝ ΣΟΒ. ΡΩΣΣΙΑΝ
ΣΥΝΟΛΙΚΟΥ ΚΟΣΤΟΥΣ 280 ΕΚ. ΔΟΛΛΑΡΙΩΝ

Κατὰ τὰς πληροφορίας τοῦ ἀνταποκριτοῦ μας, αἱ ἁρμόδιαι ἀρχαὶ ἐξακολουθοῦν τὰς ἐρεύνας των ἐπὶ τῆς ὑποθέσεως. Ἡ κυβέρνησις ἀνεκοίνωσεν ὅτι θὰ ληφθοῦν ὅλα τὰ ἀπαραίτητα μέτρα διὰ τὴν ἀντιμετώπισιν τῆς καταστάσεως, ἐνῶ οἱ ἐκπρόσωποι τῶν κομμάτων ἐδήλωσαν ὅτι θὰ συνεργασθοῦν. Ὡς γνωστόν, τὸ ζήτημα ἀπησχόλησε καὶ προηγουμένως τὰς ἀρμοδίας ὑπηρεσίας, αἱ ὁποῖαι ὑπέβαλον σχετικὰς εἰσηγήσεις πρὸς τὸ ὑπουργικὸν συμβούλιον.

Ο ... ΙΝΟΝΟΥ ΠΡΟΣΕΚΛΗΘΗ ΕΙΣ ΤΗΝ ΠΕΡΣΙΑΝ ΚΑΙ ΤΟ ΠΑΚΙΣΤΑΝ

Κατὰ τὰς πληροφορίας τοῦ ἀνταποκριτοῦ μας, αἱ ἁρμόδιαι ἀρχαὶ ἐξακολουθοῦν τὰς ἐρεύνας των ἐπὶ τῆς ὑποθέσεως. Ἡ κυβέρνησις ἀνεκοίνωσεν ὅτι θὰ ληφθοῦν ὅλα τὰ ἀπαραίτητα μέτρα διὰ τὴν ἀντιμετώπισιν τῆς καταστάσεως, ἐνῶ οἱ ἐκπρόσωποι τῶν κομμάτων ἐδήλωσαν ὅτι θὰ συνεργασθοῦν. Ὡς γνωστόν, τὸ ζήτημα ἀπησχόλησε καὶ προηγουμένως τὰς ἀρμοδίας ὑπηρεσίας, αἱ ὁποῖαι ὑπέβαλον σχετικὰς εἰσηγήσεις πρὸς τὸ ὑπουργικὸν συμβούλιον.

ΠΑΡΑΙΤΕΙΤΑΙ Ο ΠΡΟΕΔΡΟΣ ΤΟΥ ΣΟΥΔΑΝ

Κατὰ τὰς πληροφορίας τοῦ ἀνταποκριτοῦ μας, αἱ ἁρμόδιαι ἀρχαὶ ἐξακολουθοῦν τὰς ἐρεύνας των ἐπὶ τῆς ὑποθέσεως. Ἡ κυβέρνησις ἀνεκοίνωσεν ὅτι θὰ ληφθοῦν ὅλα τὰ ἀπαραίτητα μέτρα διὰ τὴν ἀντιμετώπισιν τῆς καταστάσεως, ἐνῶ οἱ ἐκπρόσωποι τῶν κομμάτων ἐδήλωσαν ὅτι θὰ συνεργασθοῦν. Ὡς γνωστόν, τὸ ζήτημα ἀπησχόλησε καὶ προηγουμένως τὰς ἀρμοδίας ὑπηρεσίας, αἱ ὁποῖαι ὑπέβαλον σχετικὰς εἰσηγήσεις πρὸς τὸ ὑπουργικὸν συμβούλιον.

ΟΙ ΕΦΟΔΙΑΣΜΟΙ ΥΠΟ ΤΗΣ ΑΤΕ Η ΣΥΚΕΝΤΡΩΣΙΣ ΟΡΥΖΑ

Κατὰ τὰς πληροφορίας τοῦ ἀνταποκριτοῦ μας, αἱ ἁρμόδιαι ἀρχαὶ ἐξακολουθοῦν τὰς ἐρεύνας των ἐπὶ τῆς ὑποθέσεως. Ἡ κυβέρνησις ἀνεκοίνωσεν ὅτι θὰ ληφθοῦν ὅλα τὰ ἀπαραίτητα μέτρα διὰ τὴν ἀντιμετώπισιν τῆς καταστάσεως, ἐνῶ οἱ ἐκπρόσωποι τῶν κομμάτων ἐδήλωσαν ὅτι θὰ συνεργασθοῦν. Ὡς γνωστόν, τὸ ζήτημα ἀπησχόλησε καὶ προηγουμένως τὰς ἀρμοδίας ὑπηρεσίας, αἱ ὁποῖαι ὑπέβαλον σχετικὰς εἰσηγήσεις πρὸς τὸ ὑπουργικὸν συμβούλιον.

ΓΕΝΙΚΗ ΑΜΝΗΣΤΙΑ ΕΙΣ ΤΗΝ ΣΥΡΙΑΝ

Κατὰ τὰς πληροφορίας τοῦ ἀνταποκριτοῦ μας, αἱ ἁρμόδιαι ἀρχαὶ ἐξακολουθοῦν τὰς ἐρεύνας των ἐπὶ τῆς ὑποθέσεως. Ἡ κυβέρνησις ἀνεκοίνωσεν ὅτι θὰ ληφθοῦν ὅλα τὰ ἀπαραίτητα μέτρα διὰ τὴν ἀντιμετώπισιν τῆς καταστάσεως, ἐνῶ οἱ ἐκπρόσωποι τῶν κομμάτων ἐδήλωσαν ὅτι θὰ συνεργασθοῦν. Ὡς γνωστόν, τὸ ζήτημα ἀπησχόλησε καὶ προηγουμένως τὰς ἀρμοδίας ὑπηρεσίας, αἱ ὁποῖαι ὑπέβαλον σχετικὰς εἰσηγήσεις πρὸς τὸ ὑπουργικὸν συμβούλιον.

Εἰς τὰς Ἡνωμένας Πολιτείας
«ΜΙΚΡΟΝ» ΛΑΘΟΣ ΤΗΣ ΤΡΑΠΕΖΗΣ ΚΑΤΑ 43.000 ΔΟΛΛΑΡΙΩΝ ΗΥΞΗΣΕ ΤΟΝ ΛΟΓΑΡΙΑΣΜΟΝ ΤΟΥ
ΟΤΑΝ ΤΟ ΑΝΕΚΑΛΥΨΑΝ ΕΖΗΤΗΣΕ ΤΗΝ ΕΠΙΣΤΡΟΦΗΝ ΤΩΝ, ΑΛΛ' Ο ΚΑΤΑΘΕΤΗΣ ΗΡΝΗΘΗ - ΠΑΡΕΠΕΜΦΘΗ ΕΙΣ ΔΙΚΑΣΤΗΡΙΟΝ

Κατὰ τὰς πληροφορίας τοῦ ἀνταποκριτοῦ μας, αἱ ἁρμόδιαι ἀρχαὶ ἐξακολουθοῦν τὰς ἐρεύνας των ἐπὶ τῆς ὑποθέσεως. Ἡ κυβέρνησις ἀνεκοίνωσεν ὅτι θὰ ληφθοῦν ὅλα τὰ ἀπαραίτητα μέτρα διὰ τὴν ἀντιμετώπισιν τῆς καταστάσεως, ἐνῶ οἱ ἐκπρόσωποι τῶν κομμάτων ἐδήλωσαν ὅτι θὰ συνεργασθοῦν. Ὡς γνωστόν, τὸ ζήτημα ἀπησχόλησε καὶ προηγουμένως τὰς ἀρμοδίας ὑπηρεσίας, αἱ ὁποῖαι ὑπέβαλον σχετικὰς εἰσηγήσεις πρὸς τὸ ὑπουργικὸν συμβούλιον.

Κατὰ τὰς πληροφορίας τοῦ ἀνταποκριτοῦ μας, αἱ ἁρμόδιαι ἀρχαὶ ἐξακολουθοῦν τὰς ἐρεύνας των ἐπὶ τῆς ὑποθέσεως. Ἡ κυβέρνησις ἀνεκοίνωσεν ὅτι θὰ ληφθοῦν ὅλα τὰ ἀπαραίτητα μέτρα διὰ τὴν ἀντιμετώπισιν τῆς καταστάσεως, ἐνῶ οἱ ἐκπρόσωποι τῶν κομμάτων ἐδήλωσαν ὅτι θὰ συνεργασθοῦν. Ὡς γνωστόν, τὸ ζήτημα ἀπησχόλησε καὶ προηγουμένως τὰς ἀρμοδίας ὑπηρεσίας, αἱ ὁποῖαι ὑπέβαλον σχετικὰς εἰσηγήσεις πρὸς τὸ ὑπουργικὸν συμβούλιον.

ΤΟ ΡΕΣΙΤΑΛ ΠΙΑΝΟΥ ΤΟΥ ΧΕΡΜΠΕΡΤ ΣΠΙΤΣΕΝΜΠΕΡΓΚΕΡ
Μεγάλην ἐπιτυχίαν ἐσημείωσε τὸ δοθὲν χθὲς τὴν ἑσπέραν ρεσιτὰλ πιάνου τοῦ ἐκλεκτοῦ Γερμανοῦ πιανίστα Χέρμπερτ Σπιτσενμπέργκερ, εἰς τὴν αἴθουσαν τῆς Ἑταιρείας Μακεδονικῶν Σπουδῶν.
ΑΝΑΚΡΙΝΕΤΑΙ ΕΠΙ ΤΡΙΗΜΕΡΟΝ
Ο Αρ. Παγυρατίδης τερματίζει αὔριον τὴν ἀπολογίαν του
ΕΞΑΚΟΛΟΥΘΕΙ ΝΑ ΑΡΝΗΤΑΙ, ΟΤΙ ΕΙΝΑΙ Ο ΔΡΑΣΤΗΣ ΤΩΝ ΣΤΥΓΕΡΩΝ ΕΓΚΛΗΜΑΤΩΝ.- Η ΔΙΚΟΓΡΑΦΙΑ ΔΙΑΒΙΒΑΖΕΤΑΙ ΕΝΤΟΣ ΤΗΣ ΕΒΔΟΜΑΔΟΣ ΕΙΣ ΕΙΣΑΓΓΕΛΙΑΝ

Κατὰ τὰς πληροφορίας τοῦ ἀνταποκριτοῦ μας, αἱ ἁρμόδιαι ἀρχαὶ ἐξακολουθοῦν τὰς ἐρεύνας των ἐπὶ τῆς ὑποθέσεως. Ἡ κυβέρνησις ἀνεκοίνωσεν ὅτι θὰ ληφθοῦν ὅλα τὰ ἀπαραίτητα μέτρα διὰ τὴν ἀντιμετώπισιν τῆς καταστάσεως, ἐνῶ οἱ ἐκπρόσωποι τῶν κομμάτων ἐδήλωσαν ὅτι θὰ συνεργασθοῦν. Ὡς γνωστόν, τὸ ζήτημα ἀπησχόλησε καὶ προηγουμένως τὰς ἀρμοδίας ὑπηρεσίας, αἱ ὁποῖαι ὑπέβαλον σχετικὰς εἰσηγήσεις πρὸς τὸ ὑπουργικὸν συμβούλιον.

Κατὰ τὰς πληροφορίας τοῦ ἀνταποκριτοῦ μας, αἱ ἁρμόδιαι ἀρχαὶ ἐξακολουθοῦν τὰς ἐρεύνας των ἐπὶ τῆς ὑποθέσεως. Ἡ κυβέρνησις ἀνεκοίνωσεν ὅτι θὰ ληφθοῦν ὅλα τὰ ἀπαραίτητα μέτρα διὰ τὴν ἀντιμετώπισιν τῆς καταστάσεως, ἐνῶ οἱ ἐκπρόσωποι τῶν κομμάτων ἐδήλωσαν ὅτι θὰ συνεργασθοῦν. Ὡς γνωστόν, τὸ ζήτημα ἀπησχόλησε καὶ προηγουμένως τὰς ἀρμοδίας ὑπηρεσίας, αἱ ὁποῖαι ὑπέβαλον σχετικὰς εἰσηγήσεις πρὸς τὸ ὑπουργικὸν συμβούλιον.

Ἡ ὑπόθεσις τώρα δραματοποιεῖται
Ἡ φερομένη ὡς φίλη τοῦ Ἴλκιν κατὰ τὴν ἐφημερίδα «Χουριέτ»
φοβεῖται πολὺ διὰ τὴν ζωήν της
«Πιστεύει ὅτι θὰ τὴν φονεύσουν (δι' ἀτυχήματος)» ἡ θὰ ὑποστῇ ἐπίθεσιν εἰς ὁδὸν τῆς Ἀγκύρας

Κατὰ τὰς πληροφορίας τοῦ ἀνταποκριτοῦ μας, αἱ ἁρμόδιαι ἀρχαὶ ἐξακολουθοῦν τὰς ἐρεύνας των ἐπὶ τῆς ὑποθέσεως. Ἡ κυβέρνησις ἀνεκοίνωσεν ὅτι θὰ ληφθοῦν ὅλα τὰ ἀπαραίτητα μέτρα διὰ τὴν ἀντιμετώπισιν τῆς καταστάσεως, ἐνῶ οἱ ἐκπρόσωποι τῶν κομμάτων ἐδήλωσαν ὅτι θὰ συνεργασθοῦν. Ὡς γνωστόν, τὸ ζήτημα ἀπησχόλησε καὶ προηγουμένως τὰς ἀρμοδίας ὑπηρεσίας, αἱ ὁποῖαι ὑπέβαλον σχετικὰς εἰσηγήσεις πρὸς τὸ ὑπουργικὸν συμβούλιον.

ΤΕΣΣΑΡΕΣ ΜΕΤΑΛΛΩΡΥΧΟΙ ΠΑΡΑΜΕΝΟΥΝ ΠΑΓΙΔΕΥΜΕΝΟΙ

Κατὰ τὰς πληροφορίας τοῦ ἀνταποκριτοῦ μας, αἱ ἁρμόδιαι ἀρχαὶ ἐξακολουθοῦν τὰς ἐρεύνας των ἐπὶ τῆς ὑποθέσεως. Ἡ κυβέρνησις ἀνεκοίνωσεν ὅτι θὰ ληφθοῦν ὅλα τὰ ἀπαραίτητα μέτρα διὰ τὴν ἀντιμετώπισιν τῆς καταστάσεως, ἐνῶ οἱ ἐκπρόσωποι τῶν κομμάτων ἐδήλωσαν ὅτι θὰ συνεργασθοῦν. Ὡς γνωστόν, τὸ ζήτημα ἀπησχόλησε καὶ προηγουμένως τὰς ἀρμοδίας ὑπηρεσίας, αἱ ὁποῖαι ὑπέβαλον σχετικὰς εἰσηγήσεις πρὸς τὸ ὑπουργικὸν συμβούλιον.

Διὰ πολυσελίδου ἄρθρου
Ἀθῆς καὶ ἐμπαθὴς ἐπίθεσις τουρκικοῦ περιοδικοῦ ἐναντίον τοῦ πατριαρχείου
Ὑβρίζει καπηλικῶς τὸν Ἀθηναγόραν
καὶ προβάλλει τὸν υἱὸν τοῦ Εὐτύμ
Δὲν παραδέχεται τὴν οἰκουμενικότητα

Κατὰ τὰς πληροφορίας τοῦ ἀνταποκριτοῦ μας, αἱ ἁρμόδιαι ἀρχαὶ ἐξακολουθοῦν τὰς ἐρεύνας των ἐπὶ τῆς ὑποθέσεως. Ἡ κυβέρνησις ἀνεκοίνωσεν ὅτι θὰ ληφθοῦν ὅλα τὰ ἀπαραίτητα μέτρα διὰ τὴν ἀντιμετώπισιν τῆς καταστάσεως, ἐνῶ οἱ ἐκπρόσωποι τῶν κομμάτων ἐδήλωσαν ὅτι θὰ συνεργασθοῦν. Ὡς γνωστόν, τὸ ζήτημα ἀπησχόλησε καὶ προηγουμένως τὰς ἀρμοδίας ὑπηρεσίας, αἱ ὁποῖαι ὑπέβαλον σχετικὰς εἰσηγήσεις πρὸς τὸ ὑπουργικὸν συμβούλιον.

ΙΣΤΟΡΙΚΟΣ ΘΡΥΛΟΣ

Κατὰ τὰς πληροφορίας τοῦ ἀνταποκριτοῦ μας, αἱ ἁρμόδιαι ἀρχαὶ ἐξακολουθοῦν τὰς ἐρεύνας των ἐπὶ τῆς ὑποθέσεως. Ἡ κυβέρνησις ἀνεκοίνωσεν ὅτι θὰ ληφθοῦν ὅλα τὰ ἀπαραίτητα μέτρα διὰ τὴν ἀντιμετώπισιν τῆς καταστάσεως, ἐνῶ οἱ ἐκπρόσωποι τῶν κομμάτων ἐδήλωσαν ὅτι θὰ συνεργασθοῦν. Ὡς γνωστόν, τὸ ζήτημα ἀπησχόλησε καὶ προηγουμένως τὰς ἀρμοδίας ὑπηρεσίας, αἱ ὁποῖαι ὑπέβαλον σχετικὰς εἰσηγήσεις πρὸς τὸ ὑπουργικὸν συμβούλιον.

Κατὰ τὰς πληροφορίας τοῦ ἀνταποκριτοῦ μας, αἱ ἁρμόδιαι ἀρχαὶ ἐξακολουθοῦν τὰς ἐρεύνας των ἐπὶ τῆς ὑποθέσεως. Ἡ κυβέρνησις ἀνεκοίνωσεν ὅτι θὰ ληφθοῦν ὅλα τὰ ἀπαραίτητα μέτρα διὰ τὴν ἀντιμετώπισιν τῆς καταστάσεως, ἐνῶ οἱ ἐκπρόσωποι τῶν κομμάτων ἐδήλωσαν ὅτι θὰ συνεργασθοῦν. Ὡς γνωστόν, τὸ ζήτημα ἀπησχόλησε καὶ προηγουμένως τὰς ἀρμοδίας ὑπηρεσίας, αἱ ὁποῖαι ὑπέβαλον σχετικὰς εἰσηγήσεις πρὸς τὸ ὑπουργικὸν συμβούλιον.

ΝΕΟΝ ΣΧΗΜΑ

Κατὰ τὰς πληροφορίας τοῦ ἀνταποκριτοῦ μας, αἱ ἁρμόδιαι ἀρχαὶ ἐξακολουθοῦν τὰς ἐρεύνας των ἐπὶ τῆς ὑποθέσεως. Ἡ κυβέρνησις ἀνεκοίνωσεν ὅτι θὰ ληφθοῦν ὅλα τὰ ἀπαραίτητα μέτρα διὰ τὴν ἀντιμετώπισιν τῆς καταστάσεως, ἐνῶ οἱ ἐκπρόσωποι τῶν κομμάτων ἐδήλωσαν ὅτι θὰ συνεργασθοῦν. Ὡς γνωστόν, τὸ ζήτημα ἀπησχόλησε καὶ προηγουμένως τὰς ἀρμοδίας ὑπηρεσίας, αἱ ὁποῖαι ὑπέβαλον σχετικὰς εἰσηγήσεις πρὸς τὸ ὑπουργικὸν συμβούλιον.

Ο κ. ΜΠΑΛ ΕΦΘΑΣΕΝ ΕΙΣ ΤΟ ΔΥΤ. ΒΕΡΟΛΙΝΟΝ ΚΑΙ ΑΝΕΝΕΩΣΕ ΤΗΝ ΥΠΟΣΧΕΣΙΝ ΠΕΡΙ ΥΠΟΣΤΗΡΙΞΕΩΣ ΤΗΣ ΔΙΗΡΗΜΕΝΗΣ ΠΟΛΕΩΣ

Κατὰ τὰς πληροφορίας τοῦ ἀνταποκριτοῦ μας, αἱ ἁρμόδιαι ἀρχαὶ ἐξακολουθοῦν τὰς ἐρεύνας των ἐπὶ τῆς ὑποθέσεως. Ἡ κυβέρνησις ἀνεκοίνωσεν ὅτι θὰ ληφθοῦν ὅλα τὰ ἀπαραίτητα μέτρα διὰ τὴν ἀντιμετώπισιν τῆς καταστάσεως, ἐνῶ οἱ ἐκπρόσωποι τῶν κομμάτων ἐδήλωσαν ὅτι θὰ συνεργασθοῦν. Ὡς γνωστόν, τὸ ζήτημα ἀπησχόλησε καὶ προηγουμένως τὰς ἀρμοδίας ὑπηρεσίας, αἱ ὁποῖαι ὑπέβαλον σχετικὰς εἰσηγήσεις πρὸς τὸ ὑπουργικὸν συμβούλιον.

Κατὰ τὰς πληροφορίας τοῦ ἀνταποκριτοῦ μας, αἱ ἁρμόδιαι ἀρχαὶ ἐξακολουθοῦν τὰς ἐρεύνας των ἐπὶ τῆς ὑποθέσεως. Ἡ κυβέρνησις ἀνεκοίνωσεν ὅτι θὰ ληφθοῦν ὅλα τὰ ἀπαραίτητα μέτρα διὰ τὴν ἀντιμετώπισιν τῆς καταστάσεως, ἐνῶ οἱ ἐκπρόσωποι τῶν κομμάτων ἐδήλωσαν ὅτι θὰ συνεργασθοῦν. Ὡς γνωστόν, τὸ ζήτημα ἀπησχόλησε καὶ προηγουμένως τὰς ἀρμοδίας ὑπηρεσίας, αἱ ὁποῖαι ὑπέβαλον σχετικὰς εἰσηγήσεις πρὸς τὸ ὑπουργικὸν συμβούλιον.
